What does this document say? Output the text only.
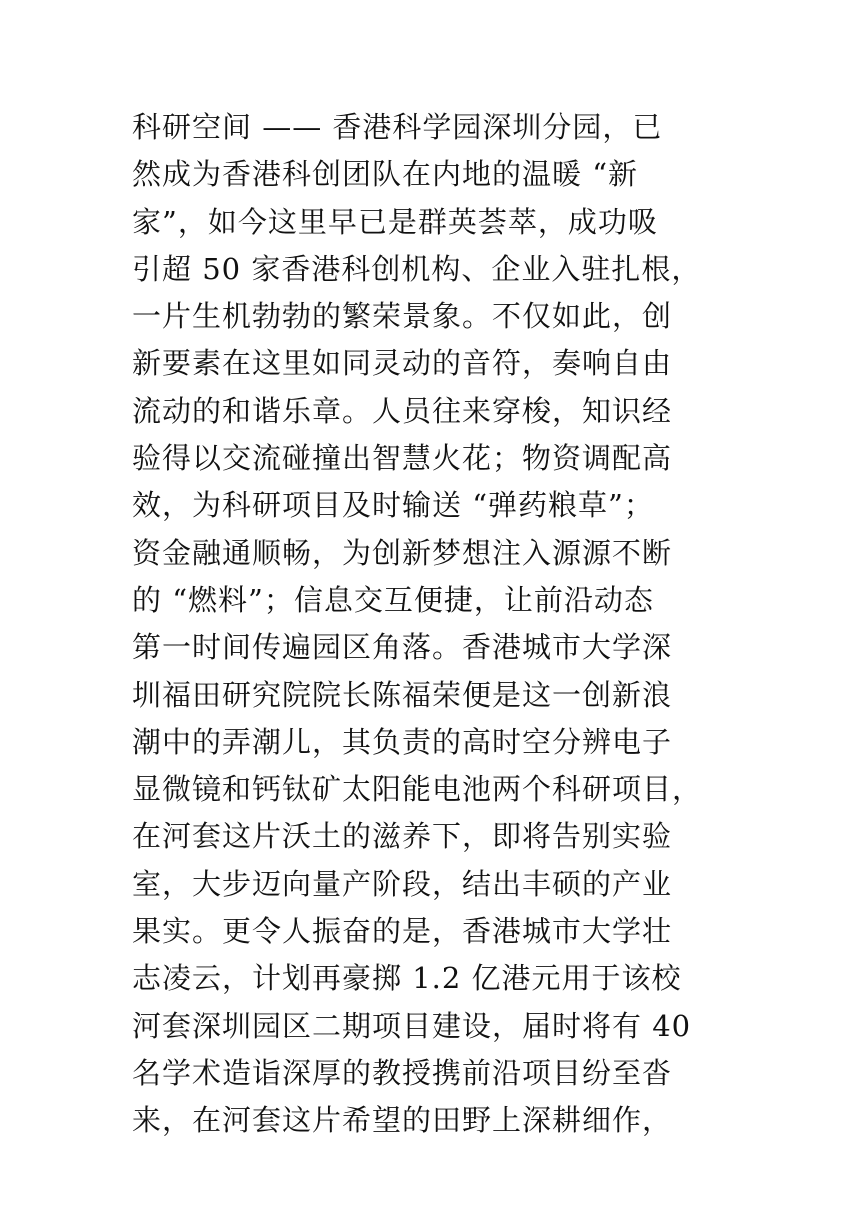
科研空间 —— 香港科学园深圳分园，已
然成为香港科创团队在内地的温暖 “新
家”，如今这里早已是群英荟萃，成功吸
引超 50 家香港科创机构、企业入驻扎根，
一片生机勃勃的繁荣景象。不仅如此，创
新要素在这里如同灵动的音符，奏响自由
流动的和谐乐章。人员往来穿梭，知识经
验得以交流碰撞出智慧火花；物资调配高
效，为科研项目及时输送 “弹药粮草”；
资金融通顺畅，为创新梦想注入源源不断
的 “燃料”；信息交互便捷，让前沿动态
第一时间传遍园区角落。香港城市大学深
圳福田研究院院长陈福荣便是这一创新浪
潮中的弄潮儿，其负责的高时空分辨电子
显微镜和钙钛矿太阳能电池两个科研项目，
在河套这片沃土的滋养下，即将告别实验
室，大步迈向量产阶段，结出丰硕的产业
果实。更令人振奋的是，香港城市大学壮
志凌云，计划再豪掷 1.2 亿港元用于该校
河套深圳园区二期项目建设，届时将有 40
名学术造诣深厚的教授携前沿项目纷至沓
来，在河套这片希望的田野上深耕细作，
